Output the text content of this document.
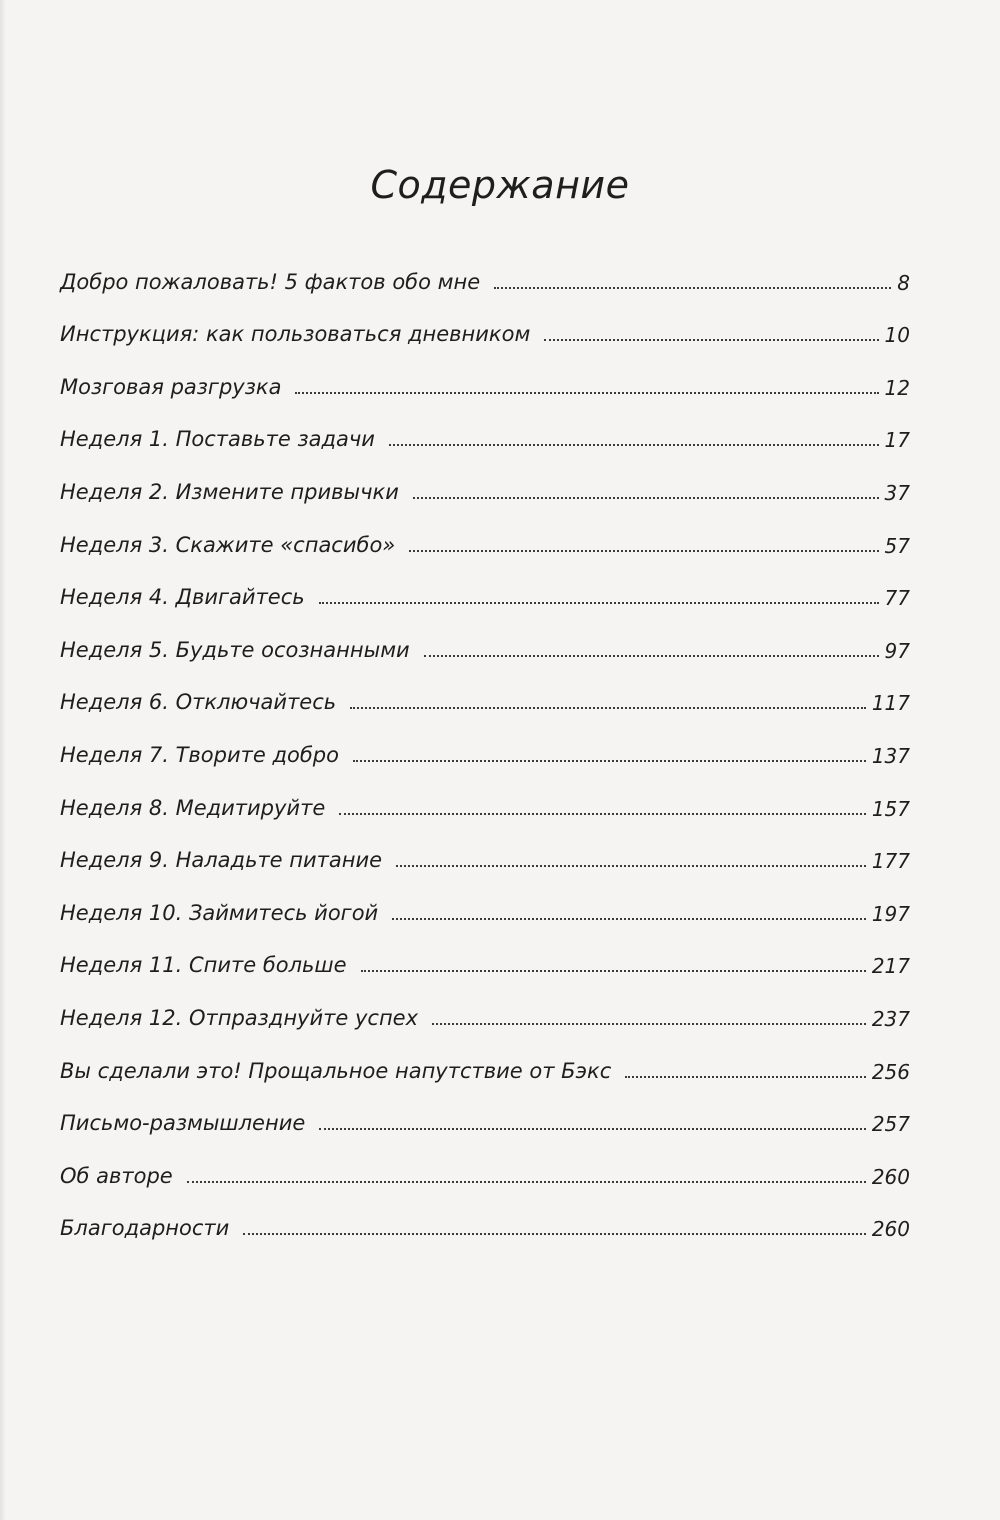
Содержание
Добро пожаловать! 5 фактов обо мне	8
Инструкция: как пользоваться дневником	10
Мозговая разгрузка	12
Неделя 1. Поставьте задачи	17
Неделя 2. Измените привычки	37
Неделя 3. Скажите «спасибо»	57
Неделя 4. Двигайтесь	77
Неделя 5. Будьте осознанными	97
Неделя 6. Отключайтесь	117
Неделя 7. Творите добро	137
Неделя 8. Медитируйте	157
Неделя 9. Наладьте питание	177
Неделя 10. Займитесь йогой	197
Неделя 11. Спите больше	217
Неделя 12. Отпразднуйте успех	237
Вы сделали это! Прощальное напутствие от Бэкс	256
Письмо-размышление	257
Об авторе	260
Благодарности	260
